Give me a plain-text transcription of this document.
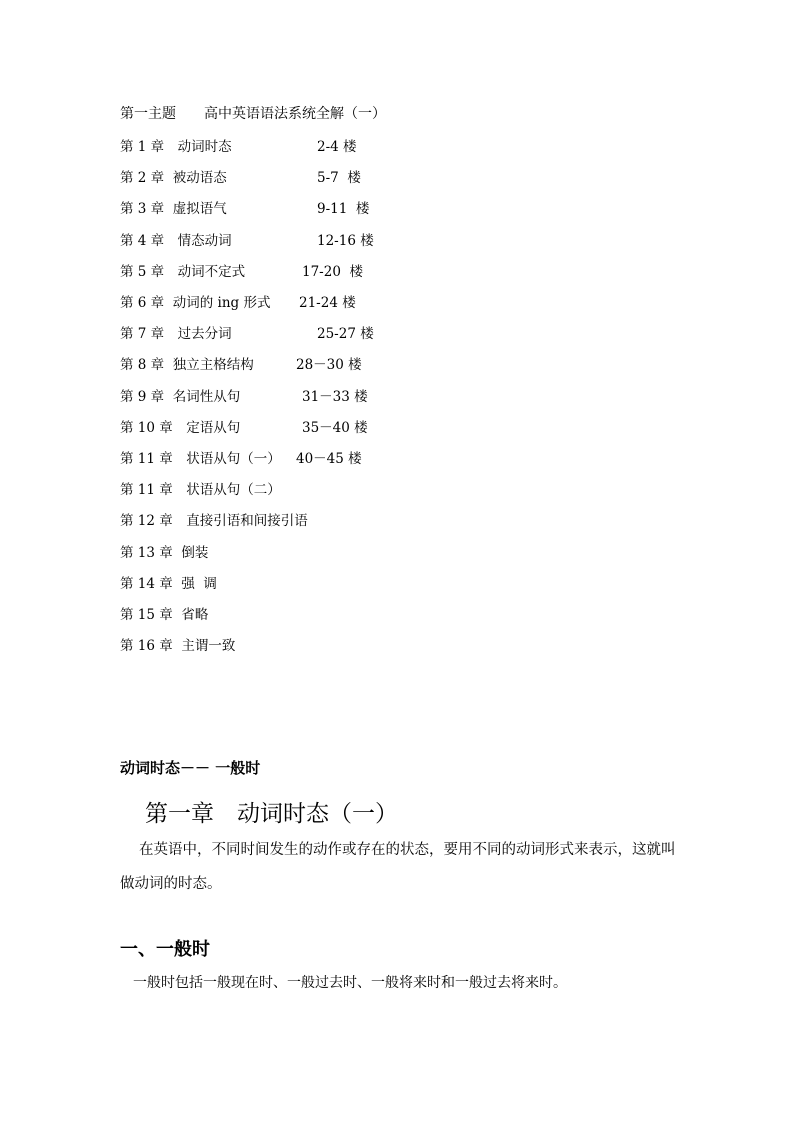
第一主题　　高中英语语法系统全解（一）
第 1 章　动词时态	2-4 楼
第 2 章  被动语态	5-7  楼
第 3 章  虚拟语气	9-11  楼
第 4 章　情态动词	12-16 楼
第 5 章　动词不定式	17-20  楼
第 6 章  动词的 ing 形式 21-24 楼
第 7 章　过去分词	25-27 楼
第 8 章  独立主格结构	28－30 楼
第 9 章  名词性从句	31－33 楼
第 10 章　定语从句	35－40 楼
第 11 章　状语从句（一） 40－45 楼
第 11 章　状语从句（二）
第 12 章　直接引语和间接引语
第 13 章  倒装
第 14 章  强  调
第 15 章  省略
第 16 章  主谓一致
动词时态－－ 一般时
第一章　动词时态（一）

在英语中，不同时间发生的动作或存在的状态，要用不同的动词形式来表示，这就叫做动词的时态。

一、一般时
一般时包括一般现在时、一般过去时、一般将来时和一般过去将来时。
